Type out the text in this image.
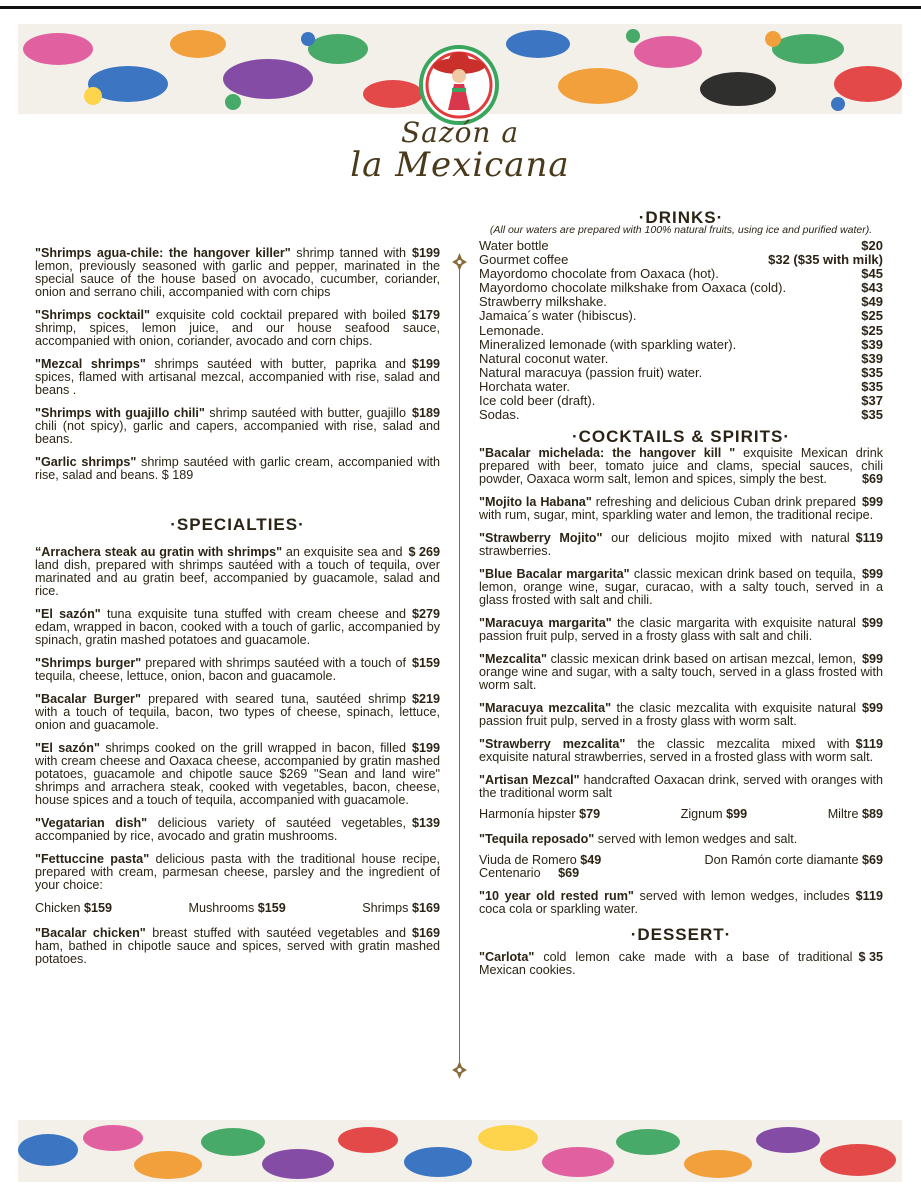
Sazón a
la Mexicana
$199
"Shrimps agua-chile: the hangover killer" shrimp tanned with lemon, previously seasoned with garlic and pepper, marinated in the special sauce of the house based on avocado, cucumber, coriander, onion and serrano chili, accompanied with corn chips
$179
"Shrimps cocktail" exquisite cold cocktail prepared with boiled shrimp, spices, lemon juice, and our house seafood sauce, accompanied with onion, coriander, avocado and corn chips.
$199
"Mezcal shrimps" shrimps sautéed with butter, paprika and spices, flamed with artisanal mezcal, accompanied with rise, salad and beans .
$189
"Shrimps with guajillo chili" shrimp sautéed with butter, guajillo chili (not spicy), garlic and capers, accompanied with rise, salad and beans.
"Garlic shrimps" shrimp sautéed with garlic cream, accompanied with rise, salad and beans. $ 189
·SPECIALTIES·
$ 269
“Arrachera steak au gratin with shrimps" an exquisite sea and land dish, prepared with shrimps sautéed with a touch of tequila, over marinated and au gratin beef, accompanied by guacamole, salad and rice.
$279
"El sazón" tuna exquisite tuna stuffed with cream cheese and edam, wrapped in bacon, cooked with a touch of garlic, accompanied by spinach, gratin mashed potatoes and guacamole.
$159
"Shrimps burger" prepared with shrimps sautéed with a touch of tequila, cheese, lettuce, onion, bacon and guacamole.
$219
"Bacalar Burger" prepared with seared tuna, sautéed shrimp with a touch of tequila, bacon, two types of cheese, spinach, lettuce, onion and guacamole.
$199
"El sazón" shrimps cooked on the grill wrapped in bacon, filled with cream cheese and Oaxaca cheese, accompanied by gratin mashed potatoes, guacamole and chipotle sauce $269 "Sean and land wire" shrimps and arrachera steak, cooked with vegetables, bacon, cheese, house spices and a touch of tequila, accompanied with guacamole.
$139
"Vegatarian dish" delicious variety of sautéed vegetables, accompanied by rice, avocado and gratin mushrooms.
"Fettuccine pasta" delicious pasta with the traditional house recipe, prepared with cream, parmesan cheese, parsley and the ingredient of your choice:
Chicken $159	Mushrooms $159	Shrimps $169
$169
"Bacalar chicken" breast stuffed with sautéed vegetables and ham, bathed in chipotle sauce and spices, served with gratin mashed potatoes.
·DRINKS·
(All our waters are prepared with 100% natural fruits, using ice and purified water).
Water bottle	$20
Gourmet coffee	$32 ($35 with milk)
Mayordomo chocolate from Oaxaca (hot).	$45
Mayordomo chocolate milkshake from Oaxaca (cold).	$43
Strawberry milkshake.	$49
Jamaica´s water (hibiscus).	$25
Lemonade.	$25
Mineralized lemonade (with sparkling water).	$39
Natural coconut water.	$39
Natural maracuya (passion fruit) water.	$35
Horchata water.	$35
Ice cold beer (draft).	$37
Sodas.	$35
·COCKTAILS & SPIRITS·
"Bacalar michelada: the hangover kill " exquisite Mexican drink prepared with beer, tomato juice and clams, special sauces, chili powder, Oaxaca worm salt, lemon and spices, simply the best.	$69
$99
"Mojito la Habana" refreshing and delicious Cuban drink prepared with rum, sugar, mint, sparkling water and lemon, the traditional recipe.
$119
"Strawberry Mojito" our delicious mojito mixed with natural strawberries.
$99
"Blue Bacalar margarita" classic mexican drink based on tequila, lemon, orange wine, sugar, curacao, with a salty touch, served in a glass frosted with salt and chili.
$99
"Maracuya margarita" the clasic margarita with exquisite natural passion fruit pulp, served in a frosty glass with salt and chili.
$99
"Mezcalita" classic mexican drink based on artisan mezcal, lemon, orange wine and sugar, with a salty touch, served in a glass frosted with worm salt.
$99
"Maracuya mezcalita" the clasic mezcalita with exquisite natural passion fruit pulp, served in a frosty glass with worm salt.
$119
"Strawberry mezcalita" the classic mezcalita mixed with exquisite natural strawberries, served in a frosted glass with worm salt.
"Artisan Mezcal" handcrafted Oaxacan drink, served with oranges with the traditional worm salt
Harmonía hipster $79	Zignum $99	Miltre $89
"Tequila reposado" served with lemon wedges and salt.
Viuda de Romero $49	Don Ramón corte diamante $69
Centenario $69
$119
"10 year old rested rum" served with lemon wedges, includes coca cola or sparkling water.
·DESSERT·
$ 35
"Carlota" cold lemon cake made with a base of traditional Mexican cookies.
